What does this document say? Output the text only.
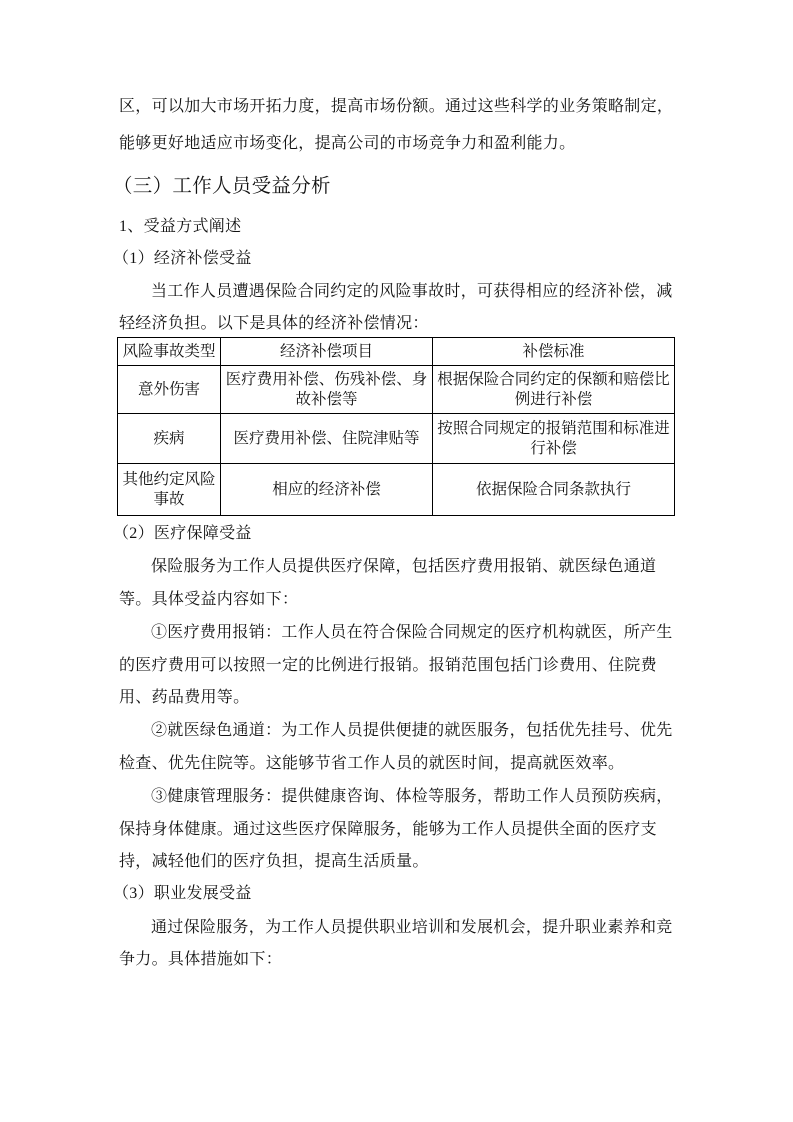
区，可以加大市场开拓力度，提高市场份额。通过这些科学的业务策略制定，
能够更好地适应市场变化，提高公司的市场竞争力和盈利能力。
（三）工作人员受益分析
1、受益方式阐述
（1）经济补偿受益
当工作人员遭遇保险合同约定的风险事故时，可获得相应的经济补偿，减
轻经济负担。以下是具体的经济补偿情况：
风险事故类型	经济补偿项目	补偿标准
意外伤害	医疗费用补偿、伤残补偿、身故补偿等	根据保险合同约定的保额和赔偿比例进行补偿
疾病	医疗费用补偿、住院津贴等	按照合同规定的报销范围和标准进行补偿
其他约定风险事故	相应的经济补偿	依据保险合同条款执行
（2）医疗保障受益
保险服务为工作人员提供医疗保障，包括医疗费用报销、就医绿色通道
等。具体受益内容如下：
①医疗费用报销：工作人员在符合保险合同规定的医疗机构就医，所产生
的医疗费用可以按照一定的比例进行报销。报销范围包括门诊费用、住院费
用、药品费用等。
②就医绿色通道：为工作人员提供便捷的就医服务，包括优先挂号、优先
检查、优先住院等。这能够节省工作人员的就医时间，提高就医效率。
③健康管理服务：提供健康咨询、体检等服务，帮助工作人员预防疾病，
保持身体健康。通过这些医疗保障服务，能够为工作人员提供全面的医疗支
持，减轻他们的医疗负担，提高生活质量。
（3）职业发展受益
通过保险服务，为工作人员提供职业培训和发展机会，提升职业素养和竞
争力。具体措施如下：
